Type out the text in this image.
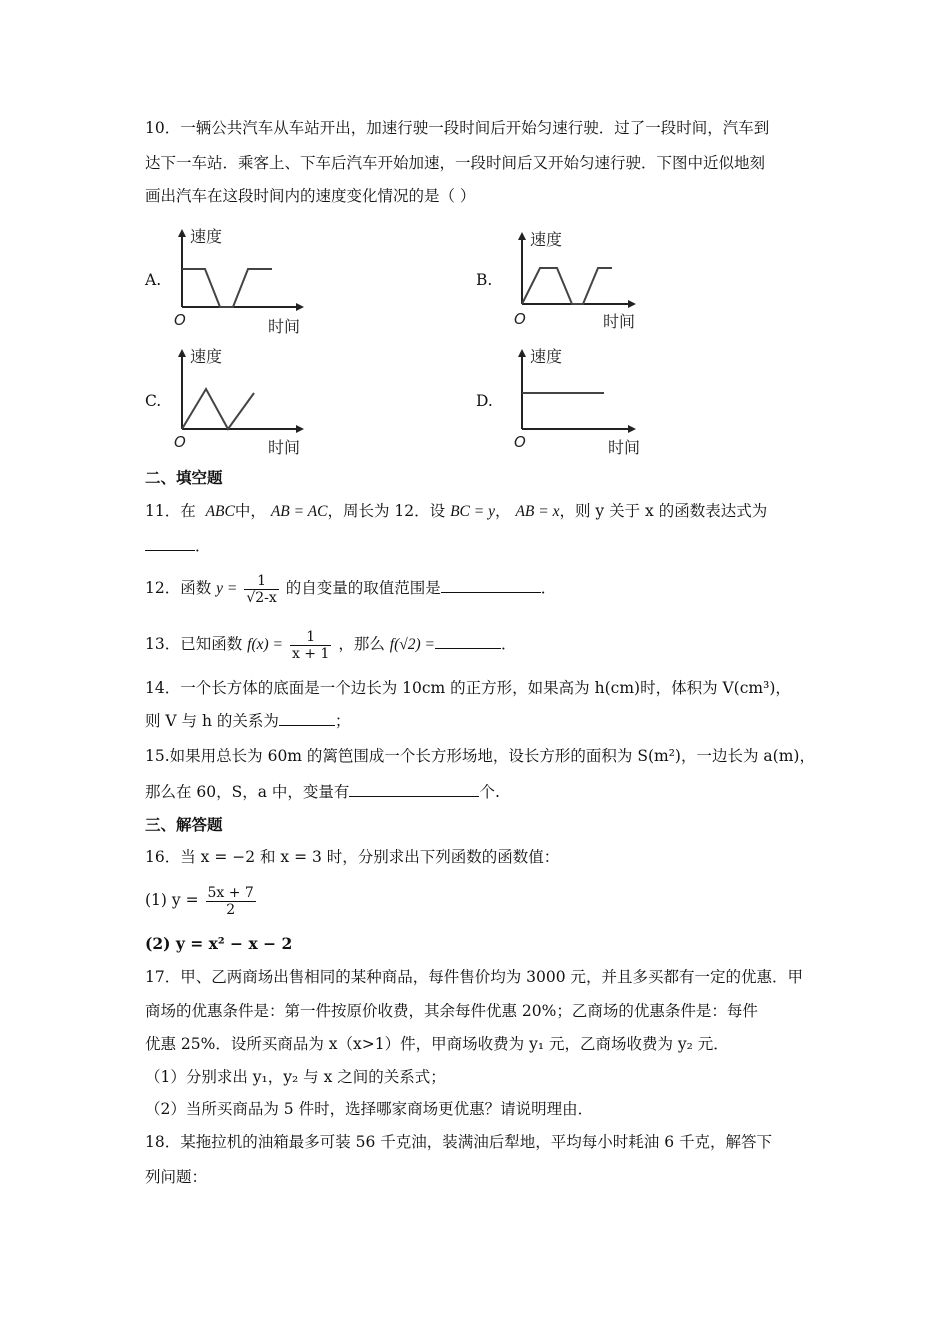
10．一辆公共汽车从车站开出，加速行驶一段时间后开始匀速行驶．过了一段时间，汽车到
达下一车站．乘客上、下车后汽车开始加速，一段时间后又开始匀速行驶．下图中近似地刻
画出汽车在这段时间内的速度变化情况的是（ ）
A.
速度
时间
O
B.
速度
时间
O
C.
速度
时间
O
D.
速度
时间
O
二、填空题
11．在 ABC中， AB = AC，周长为 12．设 BC = y， AB = x，则 y 关于 x 的函数表达式为
．
12．函数 $y = \frac{1}{√2-x}$ 的自变量的取值范围是	．
13．已知函数 $f(x) = \frac{1}{x + 1}$ ，那么 f(√2) =	．
14．一个长方体的底面是一个边长为 10cm 的正方形，如果高为 h(cm)时，体积为 V(cm³)，
则 V 与 h 的关系为	；
15.如果用总长为 60m 的篱笆围成一个长方形场地，设长方形的面积为 S(m²)，一边长为 a(m)，
那么在 60，S，a 中，变量有	个.
三、解答题
16．当 x = −2 和 x = 3 时，分别求出下列函数的函数值：
(1) $y = \frac{5x + 7}{2}$
(2) y = x² − x − 2
17．甲、乙两商场出售相同的某种商品，每件售价均为 3000 元，并且多买都有一定的优惠．甲
商场的优惠条件是：第一件按原价收费，其余每件优惠 20%；乙商场的优惠条件是：每件
优惠 25%．设所买商品为 x（x>1）件，甲商场收费为 y₁ 元，乙商场收费为 y₂ 元．
（1）分别求出 y₁，y₂ 与 x 之间的关系式；
（2）当所买商品为 5 件时，选择哪家商场更优惠？请说明理由．
18．某拖拉机的油箱最多可装 56 千克油，装满油后犁地，平均每小时耗油 6 千克，解答下
列问题：
